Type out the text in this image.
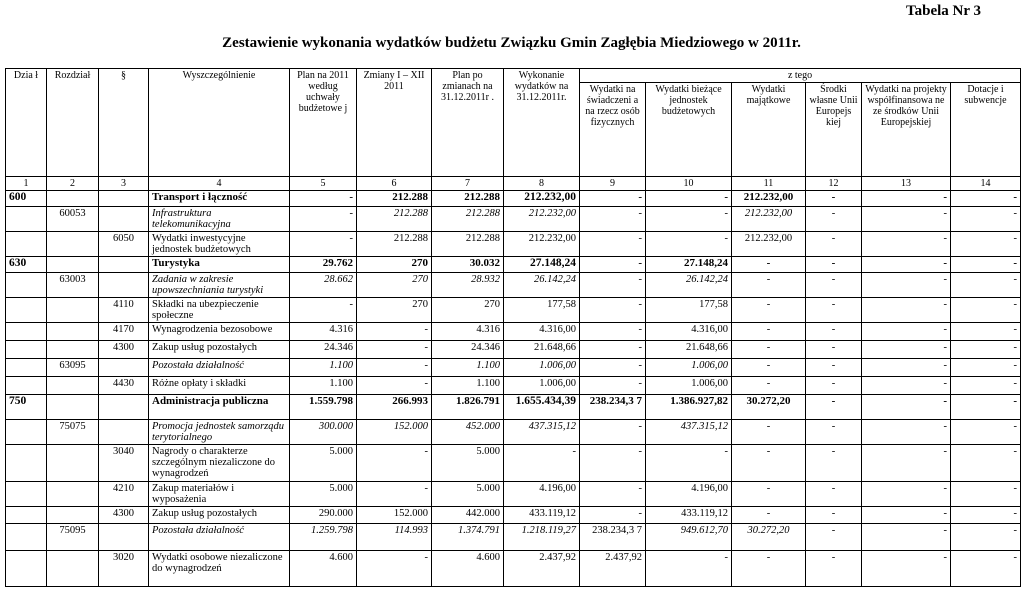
Tabela Nr 3
Zestawienie wykonania wydatków budżetu Związku Gmin Zagłębia Miedziowego w 2011r.
Dzia ł	Rozdział	§	Wyszczególnienie	Plan na 2011 według uchwały budżetowe j	Zmiany I – XII 2011	Plan po zmianach na 31.12.2011r .	Wykonanie wydatków na 31.12.2011r.	z tego					
								Wydatki na świadczeni a na rzecz osób fizycznych	Wydatki bieżące jednostek budżetowych	Wydatki majątkowe	Środki własne Unii Europejs kiej	Wydatki na projekty współfinansowa ne ze środków Unii Europejskiej	Dotacje i subwencje
1	2	3	4	5	6	7	8	9	10	11	12	13	14
600			Transport i łączność	-	212.288	212.288	212.232,00	-	-	212.232,00	-	-	-
	60053		Infrastruktura telekomunikacyjna	-	212.288	212.288	212.232,00	-	-	212.232,00	-	-	-
		6050	Wydatki inwestycyjne jednostek budżetowych	-	212.288	212.288	212.232,00	-	-	212.232,00	-	-	-
630			Turystyka	29.762	270	30.032	27.148,24	-	27.148,24	-	-	-	-
	63003		Zadania w zakresie upowszechniania turystyki	28.662	270	28.932	26.142,24	-	26.142,24	-	-	-	-
		4110	Składki na ubezpieczenie społeczne	-	270	270	177,58	-	177,58	-	-	-	-
		4170	Wynagrodzenia bezosobowe	4.316	-	4.316	4.316,00	-	4.316,00	-	-	-	-
		4300	Zakup usług pozostałych	24.346	-	24.346	21.648,66	-	21.648,66	-	-	-	-
	63095		Pozostała działalność	1.100	-	1.100	1.006,00	-	1.006,00	-	-	-	-
		4430	Różne opłaty i składki	1.100	-	1.100	1.006,00	-	1.006,00	-	-	-	-
750			Administracja publiczna	1.559.798	266.993	1.826.791	1.655.434,39	238.234,3 7	1.386.927,82	30.272,20	-	-	-
	75075		Promocja jednostek samorządu terytorialnego	300.000	152.000	452.000	437.315,12	-	437.315,12	-	-	-	-
		3040	Nagrody o charakterze szczególnym niezaliczone do wynagrodzeń	5.000	-	5.000	-	-	-	-	-	-	-
		4210	Zakup materiałów i wyposażenia	5.000	-	5.000	4.196,00	-	4.196,00	-	-	-	-
		4300	Zakup usług pozostałych	290.000	152.000	442.000	433.119,12	-	433.119,12	-	-	-	-
	75095		Pozostała działalność	1.259.798	114.993	1.374.791	1.218.119,27	238.234,3 7	949.612,70	30.272,20	-	-	-
		3020	Wydatki osobowe niezaliczone do wynagrodzeń	4.600	-	4.600	2.437,92	2.437,92	-	-	-	-	-
